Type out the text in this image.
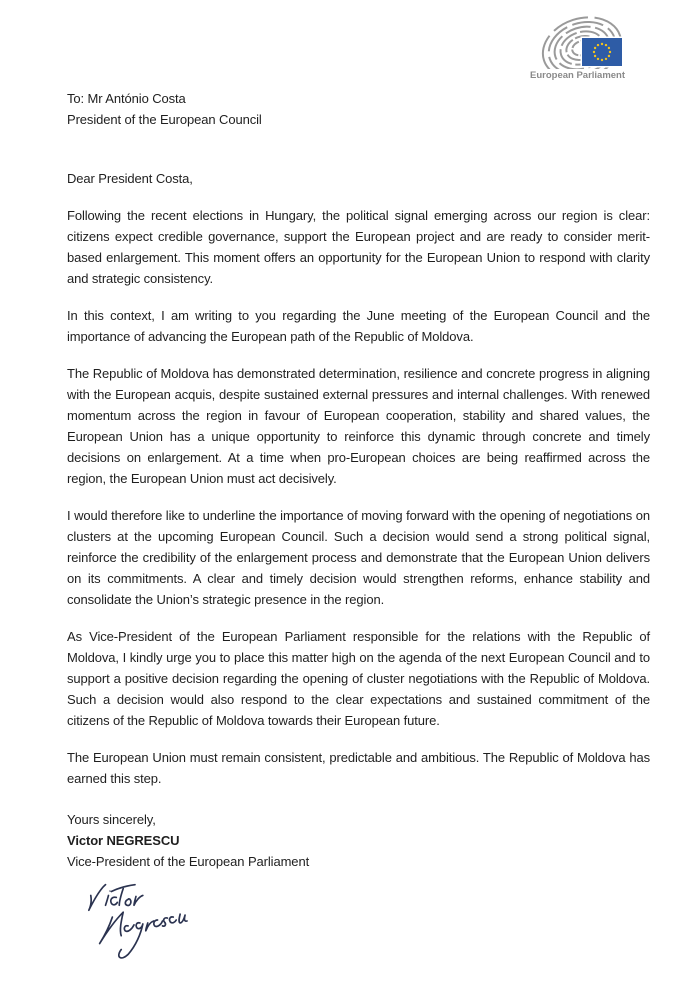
European Parliament
To: Mr António Costa
President of the European Council
Dear President Costa,

Following the recent elections in Hungary, the political signal emerging across our region is clear: citizens expect credible governance, support the European project and are ready to consider merit-based enlargement. This moment offers an opportunity for the European Union to respond with clarity and strategic consistency.

In this context, I am writing to you regarding the June meeting of the European Council and the importance of advancing the European path of the Republic of Moldova.

The Republic of Moldova has demonstrated determination, resilience and concrete progress in aligning with the European acquis, despite sustained external pressures and internal challenges. With renewed momentum across the region in favour of European cooperation, stability and shared values, the European Union has a unique opportunity to reinforce this dynamic through concrete and timely decisions on enlargement. At a time when pro-European choices are being reaffirmed across the region, the European Union must act decisively.

I would therefore like to underline the importance of moving forward with the opening of negotiations on clusters at the upcoming European Council. Such a decision would send a strong political signal, reinforce the credibility of the enlargement process and demonstrate that the European Union delivers on its commitments. A clear and timely decision would strengthen reforms, enhance stability and consolidate the Union’s strategic presence in the region.

As Vice-President of the European Parliament responsible for the relations with the Republic of Moldova, I kindly urge you to place this matter high on the agenda of the next European Council and to support a positive decision regarding the opening of cluster negotiations with the Republic of Moldova. Such a decision would also respond to the clear expectations and sustained commitment of the citizens of the Republic of Moldova towards their European future.

The European Union must remain consistent, predictable and ambitious. The Republic of Moldova has earned this step.

Yours sincerely,
Victor NEGRESCU
Vice-President of the European Parliament
